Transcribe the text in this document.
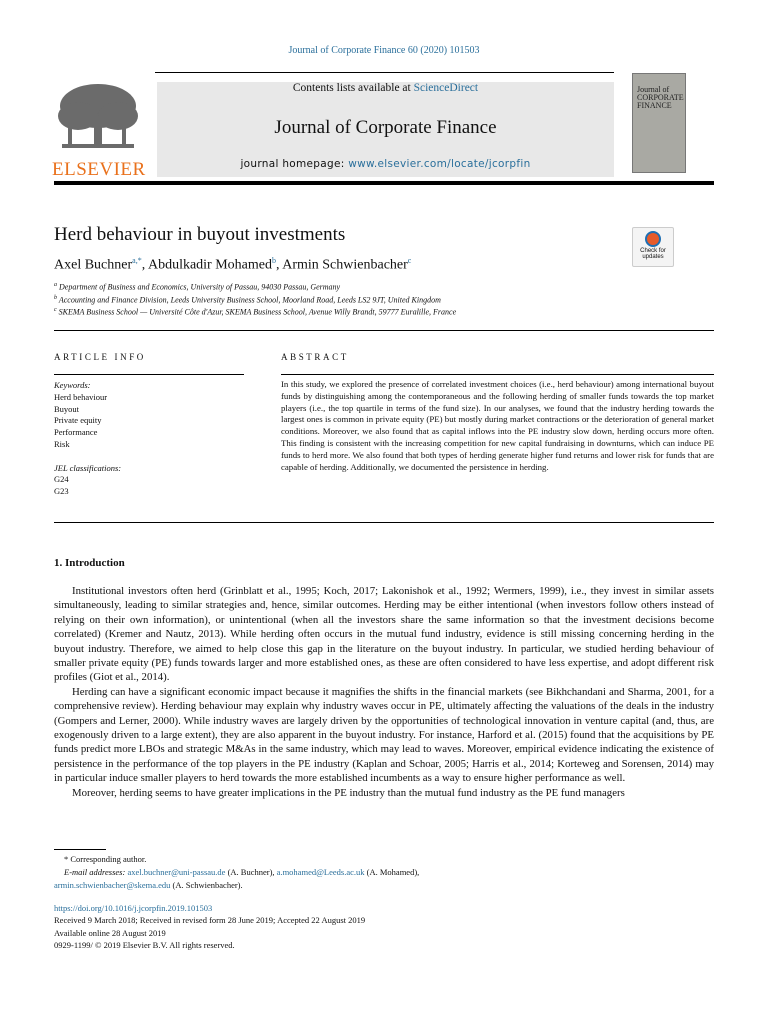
Journal of Corporate Finance 60 (2020) 101503
ELSEVIER
Contents lists available at ScienceDirect
Journal of Corporate Finance
journal homepage: www.elsevier.com/locate/jcorpfin
Journal of CORPORATE FINANCE
Herd behaviour in buyout investments
Check for updates
Axel Buchner$^{a,*}$, Abdulkadir Mohamed$^b$, Armin Schwienbacher$^c$
$^a$ Department of Business and Economics, University of Passau, 94030 Passau, Germany
$^b$ Accounting and Finance Division, Leeds University Business School, Moorland Road, Leeds LS2 9JT, United Kingdom
$^c$ SKEMA Business School — Université Côte d'Azur, SKEMA Business School, Avenue Willy Brandt, 59777 Euralille, France
ARTICLE INFO	ABSTRACT
Keywords:
Herd behaviour
Buyout
Private equity
Performance
Risk
JEL classifications:
G24
G23
In this study, we explored the presence of correlated investment choices (i.e., herd behaviour) among international buyout funds by distinguishing among the contemporaneous and the following herding of smaller funds towards the top market players (i.e., the top quartile in terms of the fund size). In our analyses, we found that the industry herding towards the largest ones is common in private equity (PE) but mostly during market contractions or the deterioration of general market conditions. Moreover, we also found that as capital inflows into the PE industry slow down, herding occurs more often. This finding is consistent with the increasing competition for new capital fundraising in downturns, which can induce PE funds to herd more. We also found that both types of herding generate higher fund returns and lower risk for funds that are capable of herding. Additionally, we documented the persistence in herding.
1. Introduction

Institutional investors often herd (Grinblatt et al., 1995; Koch, 2017; Lakonishok et al., 1992; Wermers, 1999), i.e., they invest in similar assets simultaneously, leading to similar strategies and, hence, similar outcomes. Herding may be either intentional (when investors follow others instead of relying on their own information), or unintentional (when all the investors share the same information so that the investment decisions become correlated) (Kremer and Nautz, 2013). While herding often occurs in the mutual fund industry, evidence is still missing concerning herding in the buyout industry. Therefore, we aimed to help close this gap in the literature on the buyout industry. In particular, we studied herding behaviour of smaller private equity (PE) funds towards larger and more established ones, as these are often considered to have less expertise, and adopt different risk profiles (Giot et al., 2014).

Herding can have a significant economic impact because it magnifies the shifts in the financial markets (see Bikhchandani and Sharma, 2001, for a comprehensive review). Herding behaviour may explain why industry waves occur in PE, ultimately affecting the valuations of the deals in the industry (Gompers and Lerner, 2000). While industry waves are largely driven by the opportunities of technological innovation in venture capital (and, thus, are exogenously driven to a large extent), they are also apparent in the buyout industry. For instance, Harford et al. (2015) found that the acquisitions by PE funds predict more LBOs and strategic M&As in the same industry, which may lead to waves. Moreover, empirical evidence indicating the existence of persistence in the performance of the top players in the PE industry (Kaplan and Schoar, 2005; Harris et al., 2014; Korteweg and Sorensen, 2014) may in particular induce smaller players to herd towards the more established incumbents as a way to ensure higher performance as well.

Moreover, herding seems to have greater implications in the PE industry than the mutual fund industry as the PE fund managers

* Corresponding author.
E-mail addresses: axel.buchner@uni-passau.de (A. Buchner), a.mohamed@Leeds.ac.uk (A. Mohamed),
armin.schwienbacher@skema.edu (A. Schwienbacher).
https://doi.org/10.1016/j.jcorpfin.2019.101503
Received 9 March 2018; Received in revised form 28 June 2019; Accepted 22 August 2019
Available online 28 August 2019
0929-1199/ © 2019 Elsevier B.V. All rights reserved.
